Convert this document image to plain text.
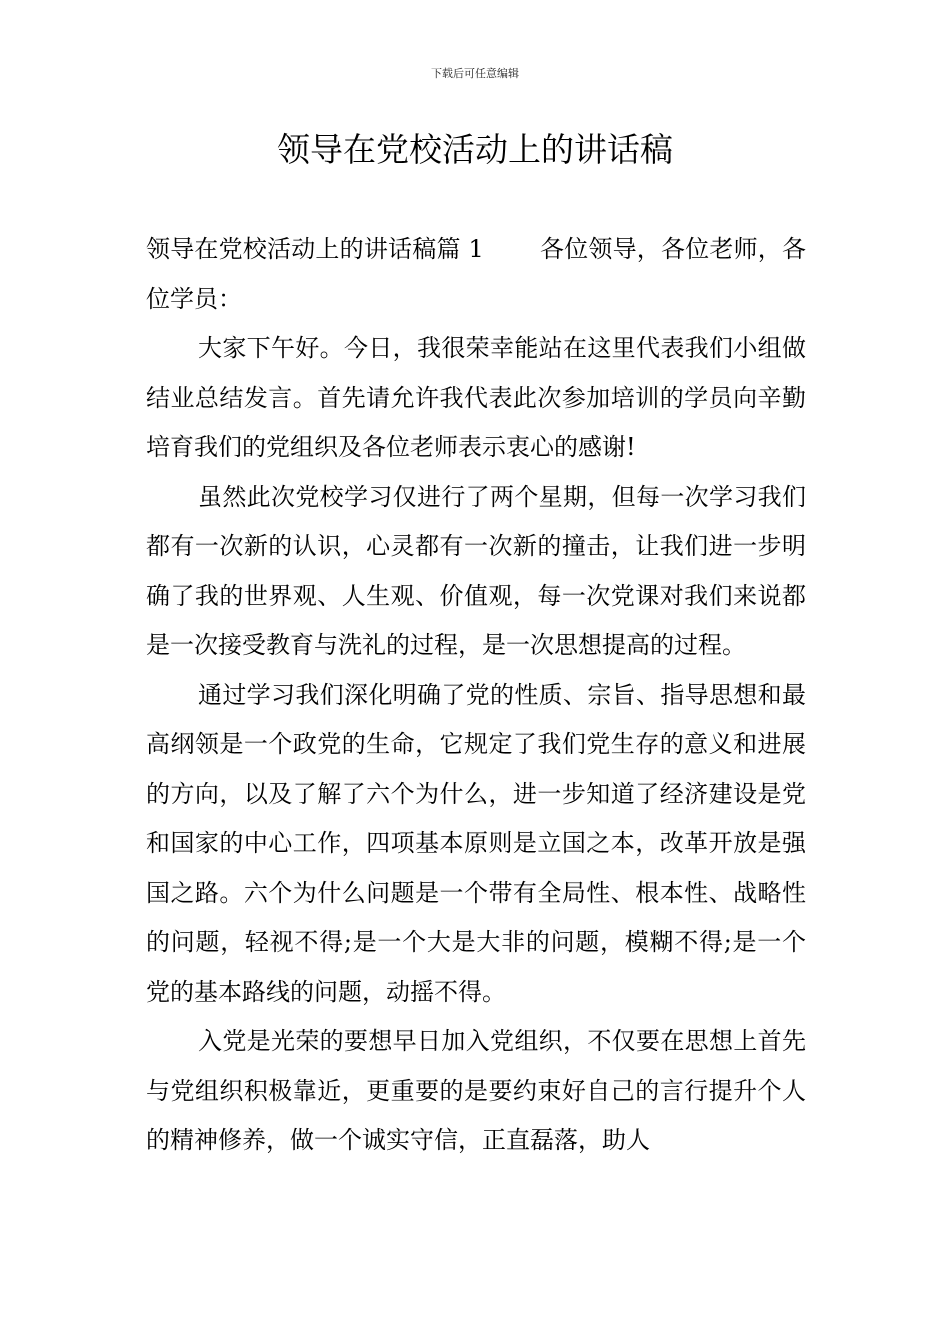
下载后可任意编辑
领导在党校活动上的讲话稿

领导在党校活动上的讲话稿篇 1 各位领导，各位老师，各位学员：

大家下午好。今日，我很荣幸能站在这里代表我们小组做结业总结发言。首先请允许我代表此次参加培训的学员向辛勤培育我们的党组织及各位老师表示衷心的感谢!

虽然此次党校学习仅进行了两个星期，但每一次学习我们都有一次新的认识，心灵都有一次新的撞击，让我们进一步明确了我的世界观、人生观、价值观，每一次党课对我们来说都是一次接受教育与洗礼的过程，是一次思想提高的过程。

通过学习我们深化明确了党的性质、宗旨、指导思想和最高纲领是一个政党的生命，它规定了我们党生存的意义和进展的方向，以及了解了六个为什么，进一步知道了经济建设是党和国家的中心工作，四项基本原则是立国之本，改革开放是强国之路。六个为什么问题是一个带有全局性、根本性、战略性的问题，轻视不得;是一个大是大非的问题，模糊不得;是一个党的基本路线的问题，动摇不得。

入党是光荣的要想早日加入党组织，不仅要在思想上首先与党组织积极靠近，更重要的是要约束好自己的言行提升个人的精神修养，做一个诚实守信，正直磊落，助人
